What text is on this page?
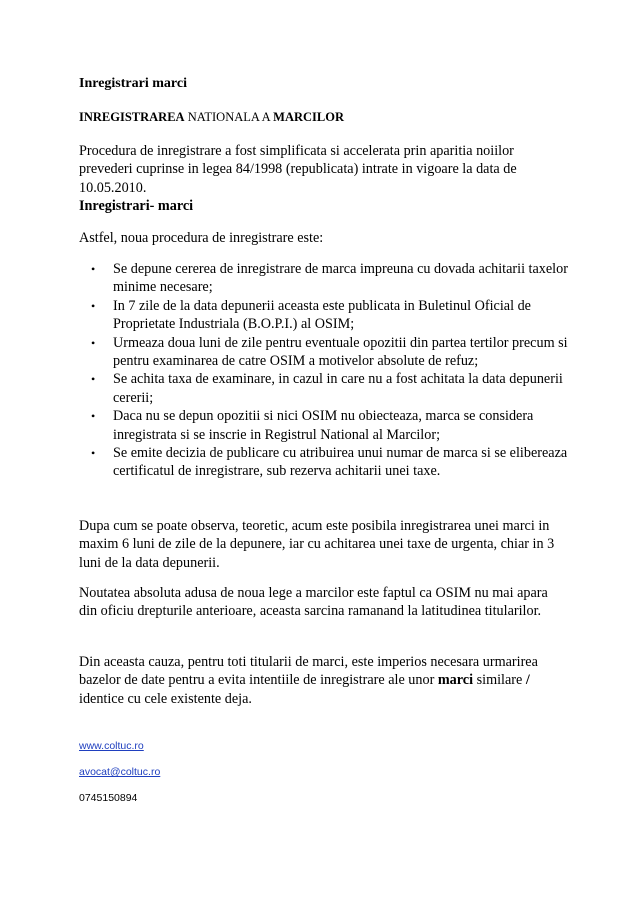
Inregistrari marci
INREGISTRAREA NATIONALA A MARCILOR
Procedura de inregistrare a fost simplificata si accelerata prin aparitia noiilor prevederi cuprinse in legea 84/1998 (republicata) intrate in vigoare la data de 10.05.2010.
Inregistrari- marci
Astfel, noua procedura de inregistrare este:
• Se depune cererea de inregistrare de marca impreuna cu dovada achitarii taxelor minime necesare;
• In 7 zile de la data depunerii aceasta este publicata in Buletinul Oficial de Proprietate Industriala (B.O.P.I.) al OSIM;
• Urmeaza doua luni de zile pentru eventuale opozitii din partea tertilor precum si pentru examinarea de catre OSIM a motivelor absolute de refuz;
• Se achita taxa de examinare, in cazul in care nu a fost achitata la data depunerii cererii;
• Daca nu se depun opozitii si nici OSIM nu obiecteaza, marca se considera inregistrata si se inscrie in Registrul National al Marcilor;
• Se emite decizia de publicare cu atribuirea unui numar de marca si se elibereaza certificatul de inregistrare, sub rezerva achitarii unei taxe.
Dupa cum se poate observa, teoretic, acum este posibila inregistrarea unei marci in maxim 6 luni de zile de la depunere, iar cu achitarea unei taxe de urgenta, chiar in 3 luni de la data depunerii.
Noutatea absoluta adusa de noua lege a marcilor este faptul ca OSIM nu mai apara din oficiu drepturile anterioare, aceasta sarcina ramanand la latitudinea titularilor.
Din aceasta cauza, pentru toti titularii de marci, este imperios necesara urmarirea bazelor de date pentru a evita intentiile de inregistrare ale unor marci similare / identice cu cele existente deja.
www.coltuc.ro
avocat@coltuc.ro
0745150894
